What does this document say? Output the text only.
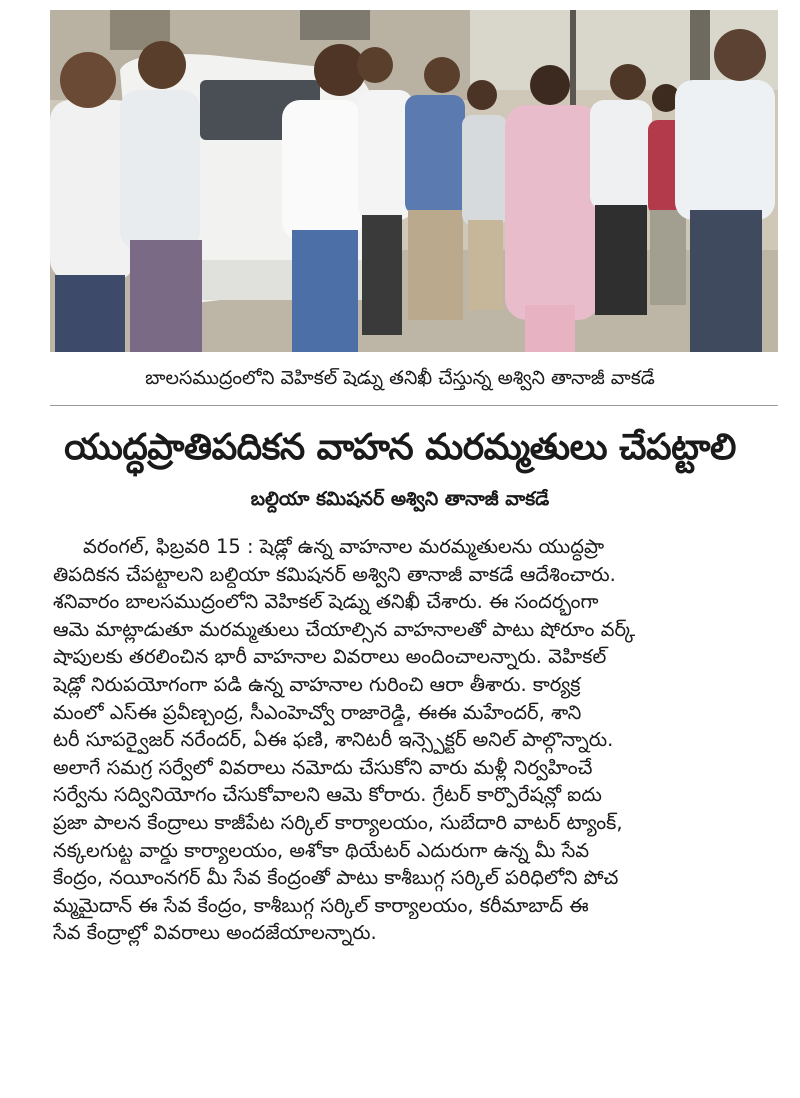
బాలసముద్రంలోని వెహికల్ షెడ్ను తనిఖీ చేస్తున్న అశ్విని తానాజీ వాకడే
యుద్ధప్రాతిపదికన వాహన మరమ్మతులు చేపట్టాలి
బల్దియా కమిషనర్ అశ్విని తానాజీ వాకడే
వరంగల్, ఫిబ్రవరి 15 : షెడ్లో ఉన్న వాహనాల మరమ్మతులను యుద్ధప్రా
తిపదికన చేపట్టాలని బల్దియా కమిషనర్ అశ్విని తానాజీ వాకడే ఆదేశించారు.
శనివారం బాలసముద్రంలోని వెహికల్ షెడ్ను తనిఖీ చేశారు. ఈ సందర్భంగా
ఆమె మాట్లాడుతూ మరమ్మతులు చేయాల్సిన వాహనాలతో పాటు షోరూం వర్క్
షాపులకు తరలించిన భారీ వాహనాల వివరాలు అందించాలన్నారు. వెహికల్
షెడ్లో నిరుపయోగంగా పడి ఉన్న వాహనాల గురించి ఆరా తీశారు. కార్యక్ర
మంలో ఎస్ఈ ప్రవీణ్చంద్ర, సీఎంహెచ్వో రాజారెడ్డి, ఈఈ మహేందర్, శాని
టరీ సూపర్వైజర్ నరేందర్, ఏఈ ఫణి, శానిటరీ ఇన్స్పెక్టర్ అనిల్ పాల్గొన్నారు.
అలాగే సమగ్ర సర్వేలో వివరాలు నమోదు చేసుకోని వారు మళ్లీ నిర్వహించే
సర్వేను సద్వినియోగం చేసుకోవాలని ఆమె కోరారు. గ్రేటర్ కార్పొరేషన్లో ఐదు
ప్రజా పాలన కేంద్రాలు కాజీపేట సర్కిల్ కార్యాలయం, సుబేదారి వాటర్ ట్యాంక్,
నక్కలగుట్ట వార్డు కార్యాలయం, అశోకా థియేటర్ ఎదురుగా ఉన్న మీ సేవ
కేంద్రం, నయీంనగర్ మీ సేవ కేంద్రంతో పాటు కాశీబుగ్గ సర్కిల్ పరిధిలోని పోచ
మ్మమైదాన్ ఈ సేవ కేంద్రం, కాశీబుగ్గ సర్కిల్ కార్యాలయం, కరీమాబాద్ ఈ
సేవ కేంద్రాల్లో వివరాలు అందజేయాలన్నారు.
